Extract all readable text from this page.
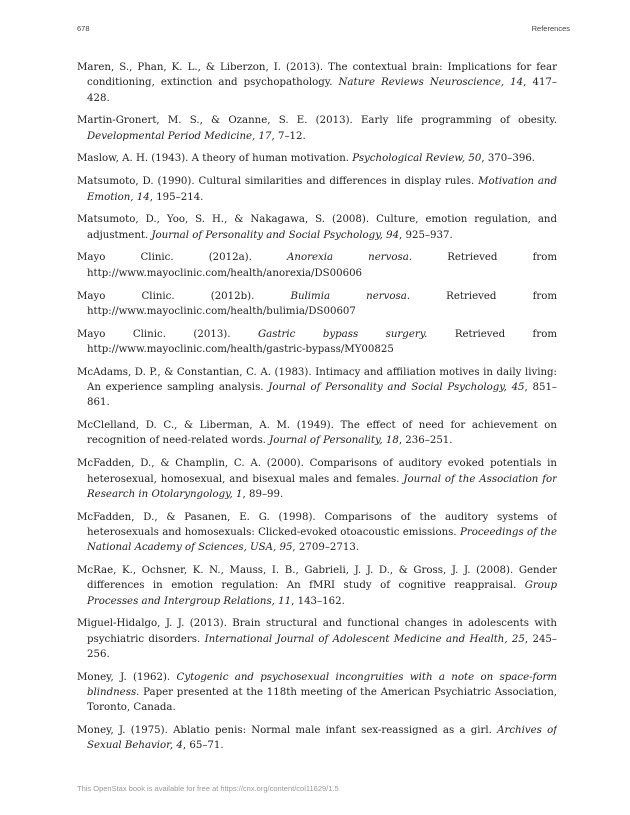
678	References
Maren, S., Phan, K. L., & Liberzon, I. (2013). The contextual brain: Implications for fear conditioning, extinction and psychopathology. Nature Reviews Neuroscience, 14, 417–428.
Martin-Gronert, M. S., & Ozanne, S. E. (2013). Early life programming of obesity. Developmental Period Medicine, 17, 7–12.
Maslow, A. H. (1943). A theory of human motivation. Psychological Review, 50, 370–396.
Matsumoto, D. (1990). Cultural similarities and differences in display rules. Motivation and Emotion, 14, 195–214.
Matsumoto, D., Yoo, S. H., & Nakagawa, S. (2008). Culture, emotion regulation, and adjustment. Journal of Personality and Social Psychology, 94, 925–937.
Mayo Clinic. (2012a). Anorexia nervosa. Retrieved from http://www.mayoclinic.com/health/anorexia/DS00606
Mayo Clinic. (2012b). Bulimia nervosa. Retrieved from http://www.mayoclinic.com/health/bulimia/DS00607
Mayo Clinic. (2013). Gastric bypass surgery. Retrieved from http://www.mayoclinic.com/health/gastric-bypass/MY00825
McAdams, D. P., & Constantian, C. A. (1983). Intimacy and affiliation motives in daily living: An experience sampling analysis. Journal of Personality and Social Psychology, 45, 851–861.
McClelland, D. C., & Liberman, A. M. (1949). The effect of need for achievement on recognition of need-related words. Journal of Personality, 18, 236–251.
McFadden, D., & Champlin, C. A. (2000). Comparisons of auditory evoked potentials in heterosexual, homosexual, and bisexual males and females. Journal of the Association for Research in Otolaryngology, 1, 89–99.
McFadden, D., & Pasanen, E. G. (1998). Comparisons of the auditory systems of heterosexuals and homosexuals: Clicked-evoked otoacoustic emissions. Proceedings of the National Academy of Sciences, USA, 95, 2709–2713.
McRae, K., Ochsner, K. N., Mauss, I. B., Gabrieli, J. J. D., & Gross, J. J. (2008). Gender differences in emotion regulation: An fMRI study of cognitive reappraisal. Group Processes and Intergroup Relations, 11, 143–162.
Miguel-Hidalgo, J. J. (2013). Brain structural and functional changes in adolescents with psychiatric disorders. International Journal of Adolescent Medicine and Health, 25, 245–256.
Money, J. (1962). Cytogenic and psychosexual incongruities with a note on space-form blindness. Paper presented at the 118th meeting of the American Psychiatric Association, Toronto, Canada.
Money, J. (1975). Ablatio penis: Normal male infant sex-reassigned as a girl. Archives of Sexual Behavior, 4, 65–71.
This OpenStax book is available for free at https://cnx.org/content/col11629/1.5
